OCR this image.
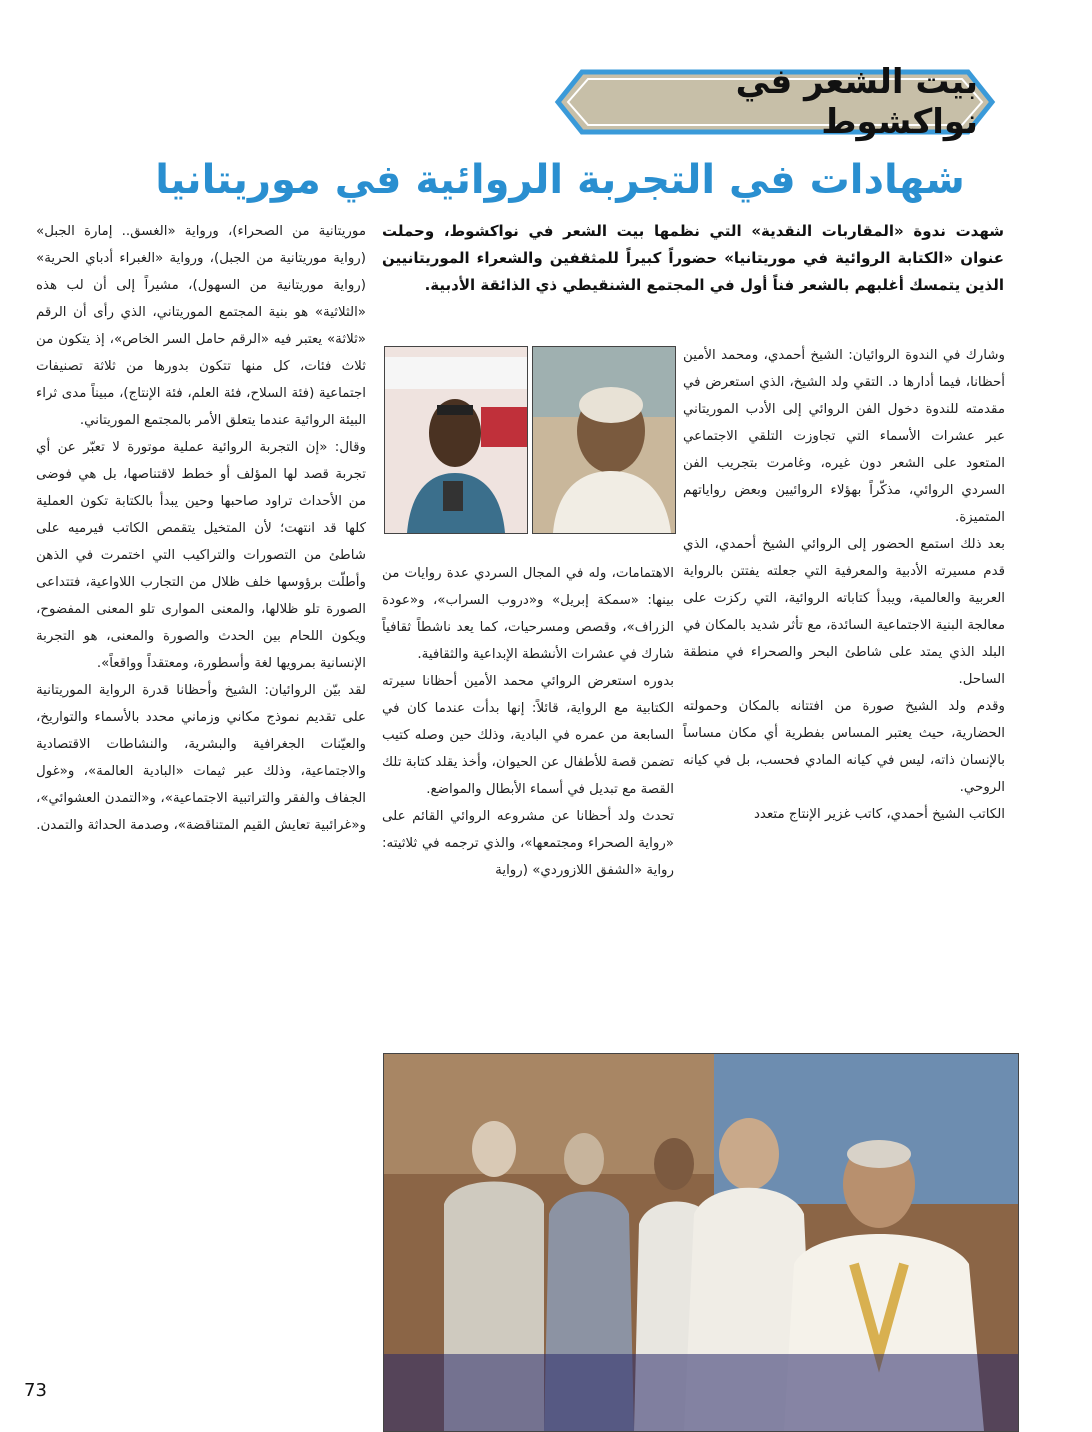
بيت الشعر في نواكشوط
شهادات في التجربة الروائية في موريتانيا
شهدت ندوة «المقاربات النقدية» التي نظمها بيت الشعر في نواكشوط، وحملت عنوان «الكتابة الروائية في موريتانيا» حضوراً كبيراً للمثقفين والشعراء الموريتانيين الذين يتمسك أغلبهم بالشعر فناً أول في المجتمع الشنقيطي ذي الذائقة الأدبية.

وشارك في الندوة الروائيان: الشيخ أحمدي، ومحمد الأمين أحظانا، فيما أدارها د. التقي ولد الشيخ، الذي استعرض في مقدمته للندوة دخول الفن الروائي إلى الأدب الموريتاني عبر عشرات الأسماء التي تجاوزت التلقي الاجتماعي المتعود على الشعر دون غيره، وغامرت بتجريب الفن السردي الروائي، مذكّراً بهؤلاء الروائيين وبعض رواياتهم المتميزة.

بعد ذلك استمع الحضور إلى الروائي الشيخ أحمدي، الذي قدم مسيرته الأدبية والمعرفية التي جعلته يفتتن بالرواية العربية والعالمية، ويبدأ كتاباته الروائية، التي ركزت على معالجة البنية الاجتماعية السائدة، مع تأثر شديد بالمكان في البلد الذي يمتد على شاطئ البحر والصحراء في منطقة الساحل.

وقدم ولد الشيخ صورة من افتتانه بالمكان وحمولته الحضارية، حيث يعتبر المساس بفطرية أي مكان مساساً بالإنسان ذاته، ليس في كيانه المادي فحسب، بل في كيانه الروحي.

الكاتب الشيخ أحمدي، كاتب غزير الإنتاج متعدد

الاهتمامات، وله في المجال السردي عدة روايات من بينها: «سمكة إبريل» و«دروب السراب»، و«عودة الزراف»، وقصص ومسرحيات، كما يعد ناشطاً ثقافياً شارك في عشرات الأنشطة الإبداعية والثقافية.

بدوره استعرض الروائي محمد الأمين أحظانا سيرته الكتابية مع الرواية، قائلاً: إنها بدأت عندما كان في السابعة من عمره في البادية، وذلك حين وصله كتيب تضمن قصة للأطفال عن الحيوان، وأخذ يقلد كتابة تلك القصة مع تبديل في أسماء الأبطال والمواضع.

تحدث ولد أحظانا عن مشروعه الروائي القائم على «رواية الصحراء ومجتمعها»، والذي ترجمه في ثلاثيته: رواية «الشفق اللازوردي» (رواية

موريتانية من الصحراء)، ورواية «الغسق.. إمارة الجبل» (رواية موريتانية من الجبل)، ورواية «الغبراء أدباي الحرية» (رواية موريتانية من السهول)، مشيراً إلى أن لب هذه «الثلاثية» هو بنية المجتمع الموريتاني، الذي رأى أن الرقم «ثلاثة» يعتبر فيه «الرقم حامل السر الخاص»، إذ يتكون من ثلاث فئات، كل منها تتكون بدورها من ثلاثة تصنيفات اجتماعية (فئة السلاح، فئة العلم، فئة الإنتاج)، مبيناً مدى ثراء البيئة الروائية عندما يتعلق الأمر بالمجتمع الموريتاني.

وقال: «إن التجربة الروائية عملية موتورة لا تعبّر عن أي تجربة قصد لها المؤلف أو خطط لاقتناصها، بل هي فوضى من الأحداث تراود صاحبها وحين يبدأ بالكتابة تكون العملية كلها قد انتهت؛ لأن المتخيل يتقمص الكاتب فيرميه على شاطئ من التصورات والتراكيب التي اختمرت في الذهن وأطلّت برؤوسها خلف ظلال من التجارب اللاواعية، فتتداعى الصورة تلو ظلالها، والمعنى الموارى تلو المعنى المفضوح، ويكون اللحام بين الحدث والصورة والمعنى، هو التجربة الإنسانية بمرويها لغة وأسطورة، ومعتقداً وواقعاً».

لقد بيّن الروائيان: الشيخ وأحظانا قدرة الرواية الموريتانية على تقديم نموذج مكاني وزماني محدد بالأسماء والتواريخ، والعيّنات الجغرافية والبشرية، والنشاطات الاقتصادية والاجتماعية، وذلك عبر ثيمات «البادية العالمة»، و«غول الجفاف والفقر والتراتبية الاجتماعية»، و«التمدن العشوائي»، و«غرائبية تعايش القيم المتناقضة»، وصدمة الحداثة والتمدن.

73
